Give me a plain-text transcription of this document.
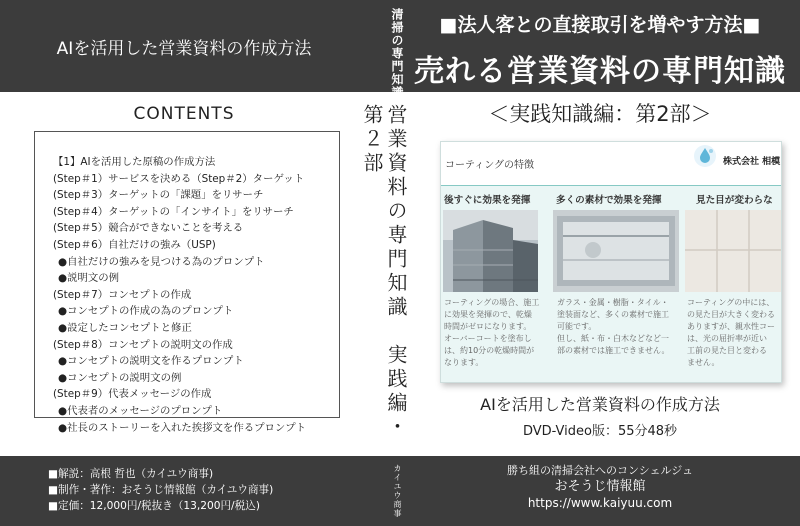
AIを活用した営業資料の作成方法
CONTENTS
【1】AIを活用した原稿の作成方法
(Step＃1）サービスを決める（Step＃2）ターゲット
(Step＃3）ターゲットの「課題」をリサーチ
(Step＃4）ターゲットの「インサイト」をリサーチ
(Step＃5）競合ができないことを考える
(Step＃6）自社だけの強み（USP)
●自社だけの強みを見つける為のプロンプト
●説明文の例
(Step＃7）コンセプトの作成
●コンセプトの作成の為のプロンプト
●設定したコンセプトと修正
(Step＃8）コンセプトの説明文の作成
●コンセプトの説明文を作るプロンプト
●コンセプトの説明文の例
(Step＃9）代表メッセージの作成
●代表者のメッセージのプロンプト
●社長のストーリーを入れた挨拶文を作るプロンプト
■解説：高根 哲也（カイユウ商事)
■制作・著作：おそうじ情報館（カイユウ商事)
■定価：12,000円/税抜き（13,200円/税込)
清掃の専門知識
営業資料の専門知識　実践編・第２部
カイユウ商事
■法人客との直接取引を増やす方法■
売れる営業資料の専門知識
＜実践知識編：第2部＞
コーティングの特徴	株式会社 相模
後すぐに効果を発揮	多くの素材で効果を発揮	見た目が変わらな
コーティングの場合、施工
に効果を発揮ので、乾燥
時間がゼロになります。
オーバーコートを塗布し
は、約10分の乾燥時間が
なります。
ガラス・金属・樹脂・タイル・
塗装面など、多くの素材で施工
可能です。
但し、紙・布・白木などなど一
部の素材では施工できません。
コーティングの中には、
の見た目が大きく変わる
ありますが、親水性コー
は、光の屈折率が近い
工前の見た目と変わる
ません。
AIを活用した営業資料の作成方法
DVD-Video版：55分48秒
勝ち組の清掃会社へのコンシェルジュ
おそうじ情報館
https://www.kaiyuu.com
